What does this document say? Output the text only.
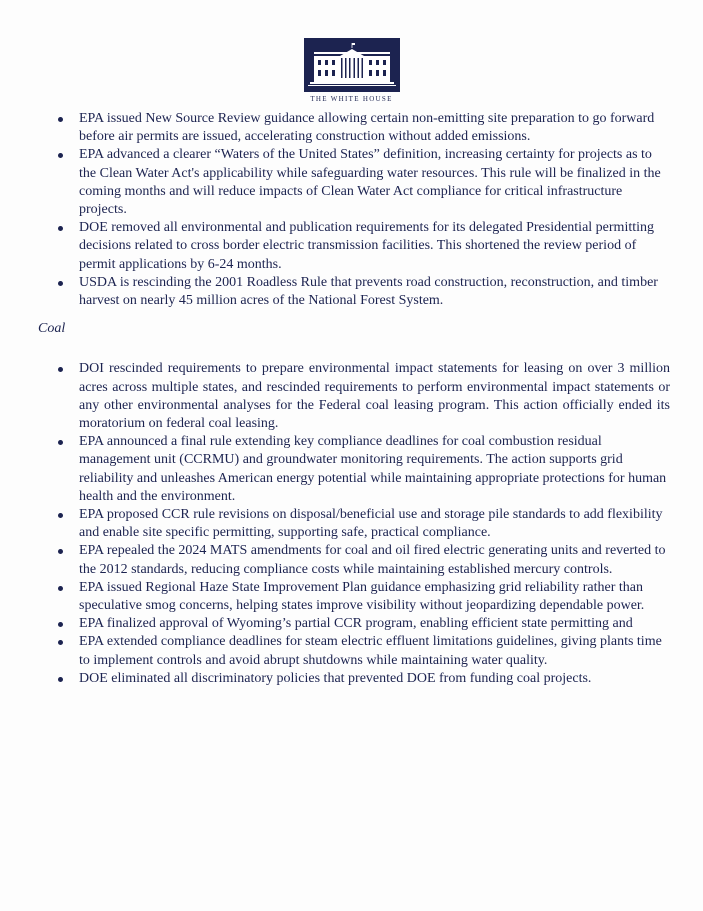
THE WHITE HOUSE
EPA issued New Source Review guidance allowing certain non-emitting site preparation to go forward before air permits are issued, accelerating construction without added emissions.
EPA advanced a clearer “Waters of the United States” definition, increasing certainty for projects as to the Clean Water Act's applicability while safeguarding water resources. This rule will be finalized in the coming months and will reduce impacts of Clean Water Act compliance for critical infrastructure projects.
DOE removed all environmental and publication requirements for its delegated Presidential permitting decisions related to cross border electric transmission facilities. This shortened the review period of permit applications by 6-24 months.
USDA is rescinding the 2001 Roadless Rule that prevents road construction, reconstruction, and timber harvest on nearly 45 million acres of the National Forest System.
Coal
DOI rescinded requirements to prepare environmental impact statements for leasing on over 3 million acres across multiple states, and rescinded requirements to perform environmental impact statements or any other environmental analyses for the Federal coal leasing program. This action officially ended its moratorium on federal coal leasing.
EPA announced a final rule extending key compliance deadlines for coal combustion residual management unit (CCRMU) and groundwater monitoring requirements. The action supports grid reliability and unleashes American energy potential while maintaining appropriate protections for human health and the environment.
EPA proposed CCR rule revisions on disposal/beneficial use and storage pile standards to add flexibility and enable site specific permitting, supporting safe, practical compliance.
EPA repealed the 2024 MATS amendments for coal and oil fired electric generating units and reverted to the 2012 standards, reducing compliance costs while maintaining established mercury controls.
EPA issued Regional Haze State Improvement Plan guidance emphasizing grid reliability rather than speculative smog concerns, helping states improve visibility without jeopardizing dependable power.
EPA finalized approval of Wyoming’s partial CCR program, enabling efficient state permitting and
EPA extended compliance deadlines for steam electric effluent limitations guidelines, giving plants time to implement controls and avoid abrupt shutdowns while maintaining water quality.
DOE eliminated all discriminatory policies that prevented DOE from funding coal projects.
